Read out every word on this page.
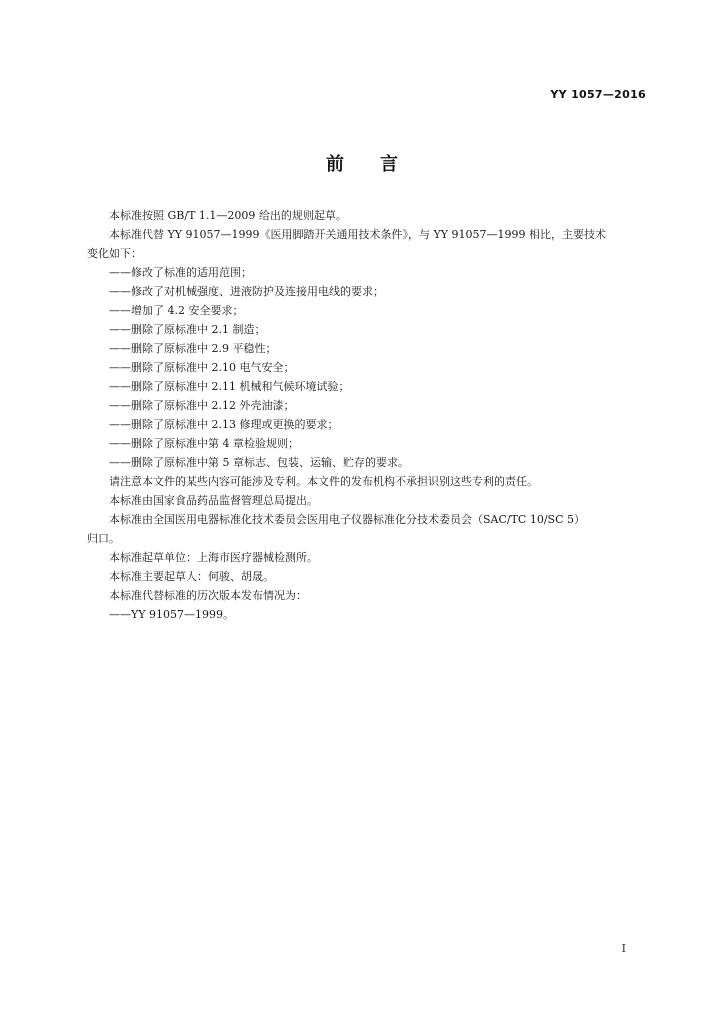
YY 1057—2016
前言

本标准按照 GB/T 1.1—2009 给出的规则起草。

本标准代替 YY 91057—1999《医用脚踏开关通用技术条件》，与 YY 91057—1999 相比，主要技术

变化如下：

——修改了标准的适用范围；

——修改了对机械强度、进液防护及连接用电线的要求；

——增加了 4.2 安全要求；

——删除了原标准中 2.1 制造；

——删除了原标准中 2.9 平稳性；

——删除了原标准中 2.10 电气安全；

——删除了原标准中 2.11 机械和气候环境试验；

——删除了原标准中 2.12 外壳油漆；

——删除了原标准中 2.13 修理或更换的要求；

——删除了原标准中第 4 章检验规则；

——删除了原标准中第 5 章标志、包装、运输、贮存的要求。

请注意本文件的某些内容可能涉及专利。本文件的发布机构不承担识别这些专利的责任。

本标准由国家食品药品监督管理总局提出。

本标准由全国医用电器标准化技术委员会医用电子仪器标准化分技术委员会（SAC/TC 10/SC 5）

归口。

本标准起草单位：上海市医疗器械检测所。

本标准主要起草人：何骏、胡晟。

本标准代替标准的历次版本发布情况为：

——YY 91057—1999。

I
